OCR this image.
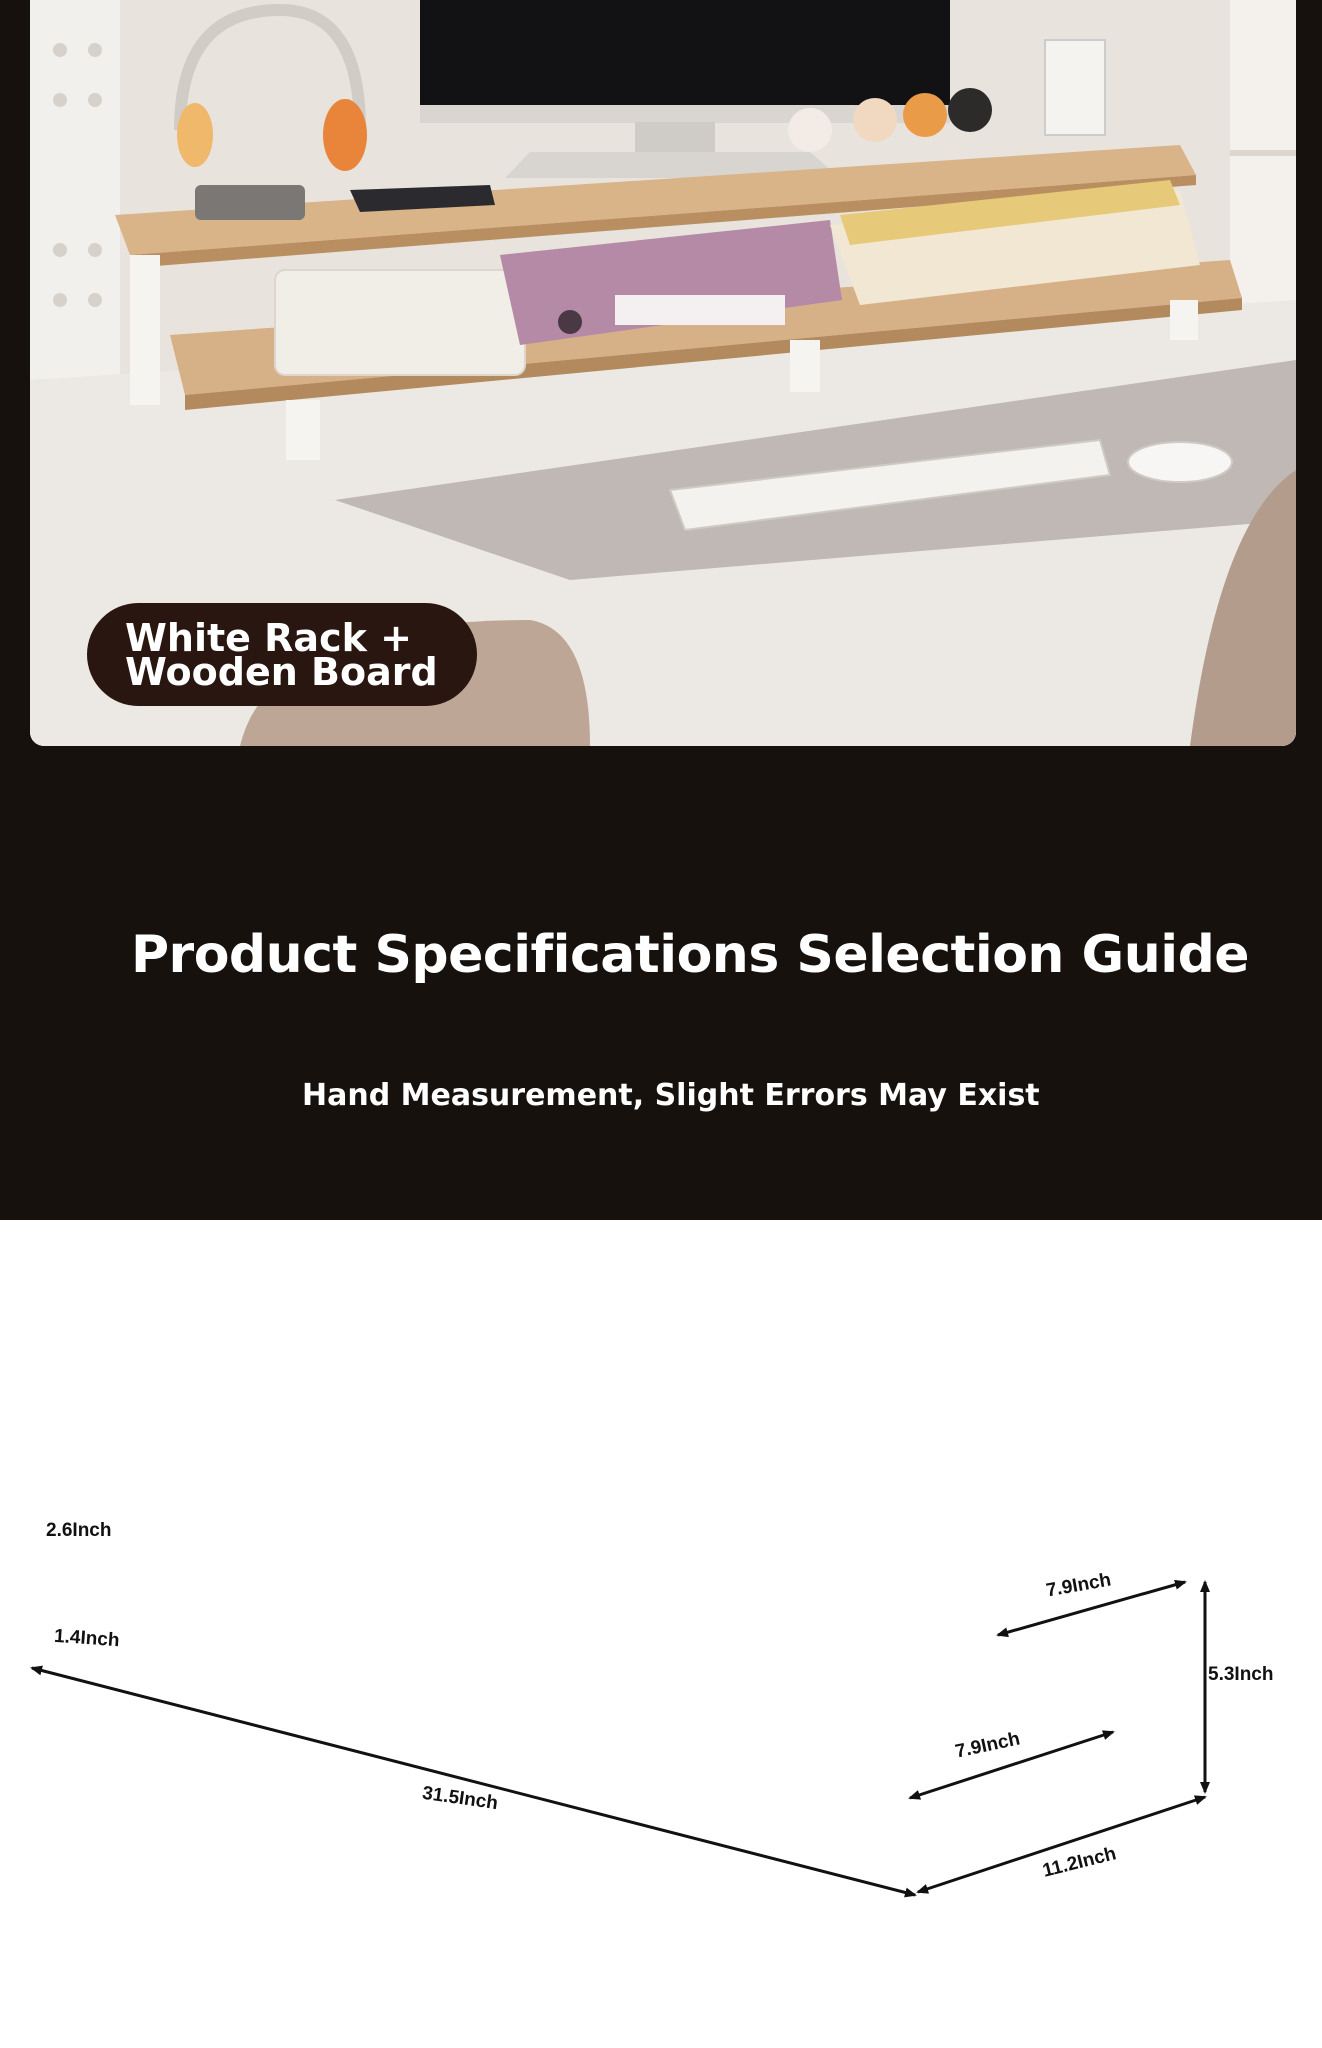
White Rack +
Wooden Board
Product Specifications Selection Guide
Hand Measurement, Slight Errors May Exist
2.6Inch
1.4Inch
31.5Inch
7.9Inch
7.9Inch
5.3Inch
11.2Inch
